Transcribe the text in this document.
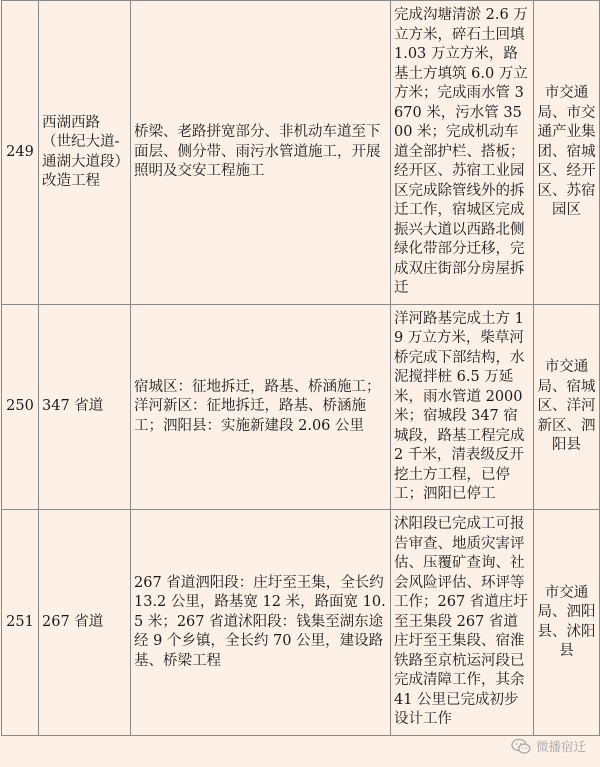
249	西湖西路（世纪大道-通湖大道段）改造工程	桥梁、老路拼宽部分、非机动车道至下面层、侧分带、雨污水管道施工，开展照明及交安工程施工	完成沟塘清淤 2.6 万立方米，碎石土回填 1.03 万立方米，路基土方填筑 6.0 万立方米；完成雨水管 3670 米，污水管 3500 米；完成机动车道全部护栏、搭板；经开区、苏宿工业园区完成除管线外的拆迁工作，宿城区完成振兴大道以西路北侧绿化带部分迁移，完成双庄街部分房屋拆迁	市交通局、市交通产业集团、宿城区、经开区、苏宿园区
250	347 省道	宿城区：征地拆迁，路基、桥涵施工；洋河新区：征地拆迁，路基、桥涵施工；泗阳县：实施新建段 2.06 公里	洋河路基完成土方 19 万立方米，柴草河桥完成下部结构，水泥搅拌桩 6.5 万延米，雨水管道 2000 米；宿城段 347 宿城段，路基工程完成 2 千米，清表级反开挖土方工程，已停工；泗阳已停工	市交通局、宿城区、洋河新区、泗阳县
251	267 省道	267 省道泗阳段：庄圩至王集，全长约 13.2 公里，路基宽 12 米，路面宽 10.5 米；267 省道沭阳段：钱集至湖东途经 9 个乡镇，全长约 70 公里，建设路基、桥梁工程	沭阳段已完成工可报告审查、地质灾害评估、压覆矿查询、社会风险评估、环评等工作；267 省道庄圩至王集段 267 省道庄圩至王集段、宿淮铁路至京杭运河段已完成清障工作，其余 41 公里已完成初步设计工作	市交通局、泗阳县、沭阳县
微播宿迁
